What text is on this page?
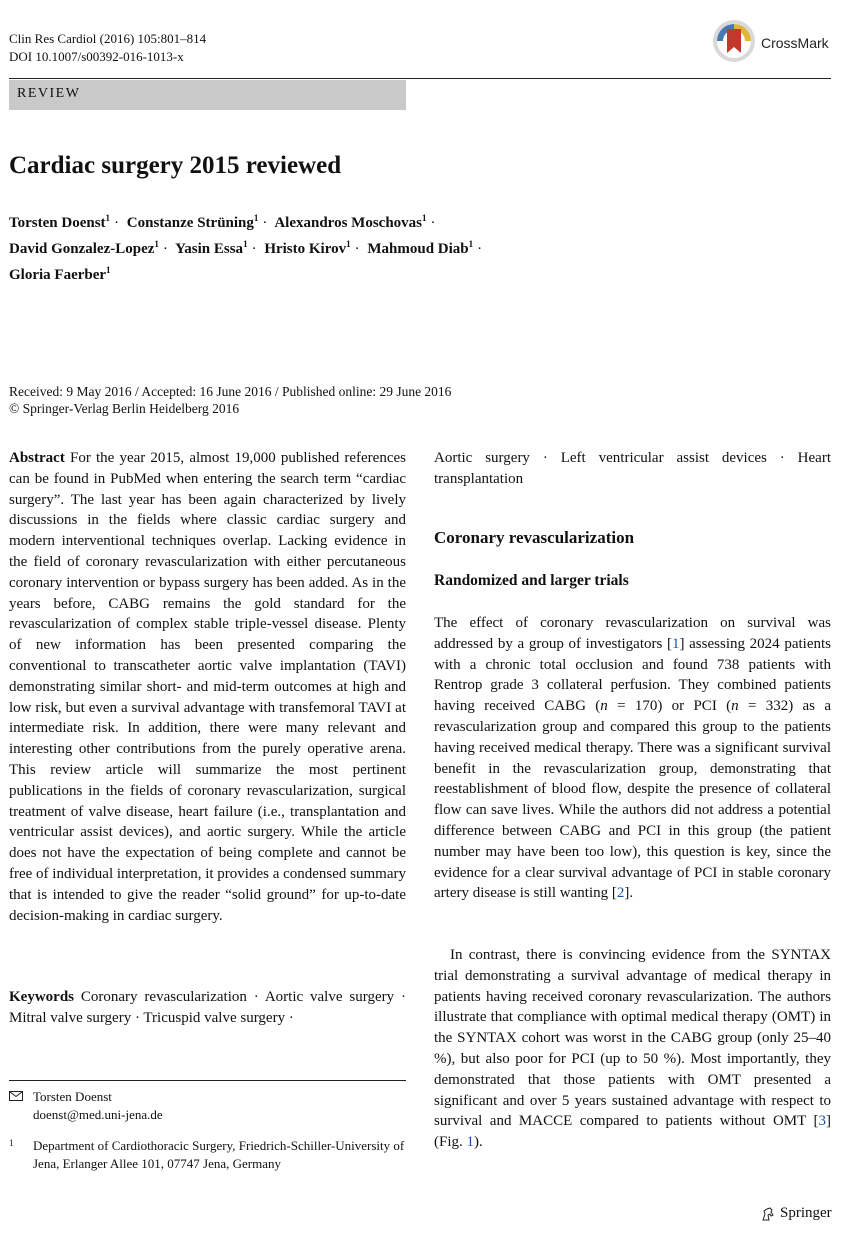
Clin Res Cardiol (2016) 105:801–814
DOI 10.1007/s00392-016-1013-x
CrossMark
REVIEW
Cardiac surgery 2015 reviewed
Torsten Doenst$^1$ · Constanze Strüning$^1$ · Alexandros Moschovas$^1$ ·
David Gonzalez-Lopez$^1$ · Yasin Essa$^1$ · Hristo Kirov$^1$ · Mahmoud Diab$^1$ ·
Gloria Faerber$^1$
Received: 9 May 2016 / Accepted: 16 June 2016 / Published online: 29 June 2016
© Springer-Verlag Berlin Heidelberg 2016

Abstract For the year 2015, almost 19,000 published references can be found in PubMed when entering the search term “cardiac surgery”. The last year has been again characterized by lively discussions in the fields where classic cardiac surgery and modern interventional techniques overlap. Lacking evidence in the field of coronary revascularization with either percutaneous coronary intervention or bypass surgery has been added. As in the years before, CABG remains the gold standard for the revascularization of complex stable triple-vessel disease. Plenty of new information has been presented comparing the conventional to transcatheter aortic valve implantation (TAVI) demonstrating similar short- and mid-term outcomes at high and low risk, but even a survival advantage with transfemoral TAVI at intermediate risk. In addition, there were many relevant and interesting other contributions from the purely operative arena. This review article will summarize the most pertinent publications in the fields of coronary revascularization, surgical treatment of valve disease, heart failure (i.e., transplantation and ventricular assist devices), and aortic surgery. While the article does not have the expectation of being complete and cannot be free of individual interpretation, it provides a condensed summary that is intended to give the reader “solid ground” for up-to-date decision-making in cardiac surgery.

Keywords Coronary revascularization · Aortic valve surgery · Mitral valve surgery · Tricuspid valve surgery ·

Torsten Doenst
doenst@med.uni-jena.de
1 Department of Cardiothoracic Surgery, Friedrich-Schiller-University of Jena, Erlanger Allee 101, 07747 Jena, Germany

Aortic surgery · Left ventricular assist devices · Heart transplantation

Coronary revascularization
Randomized and larger trials

The effect of coronary revascularization on survival was addressed by a group of investigators [1] assessing 2024 patients with a chronic total occlusion and found 738 patients with Rentrop grade 3 collateral perfusion. They combined patients having received CABG (n = 170) or PCI (n = 332) as a revascularization group and compared this group to the patients having received medical therapy. There was a significant survival benefit in the revascularization group, demonstrating that reestablishment of blood flow, despite the presence of collateral flow can save lives. While the authors did not address a potential difference between CABG and PCI in this group (the patient number may have been too low), this question is key, since the evidence for a clear survival advantage of PCI in stable coronary artery disease is still wanting [2].

In contrast, there is convincing evidence from the SYNTAX trial demonstrating a survival advantage of medical therapy in patients having received coronary revascularization. The authors illustrate that compliance with optimal medical therapy (OMT) in the SYNTAX cohort was worst in the CABG group (only 25–40 %), but also poor for PCI (up to 50 %). Most importantly, they demonstrated that those patients with OMT presented a significant and over 5 years sustained advantage with respect to survival and MACCE compared to patients without OMT [3] (Fig. 1).

Springer
